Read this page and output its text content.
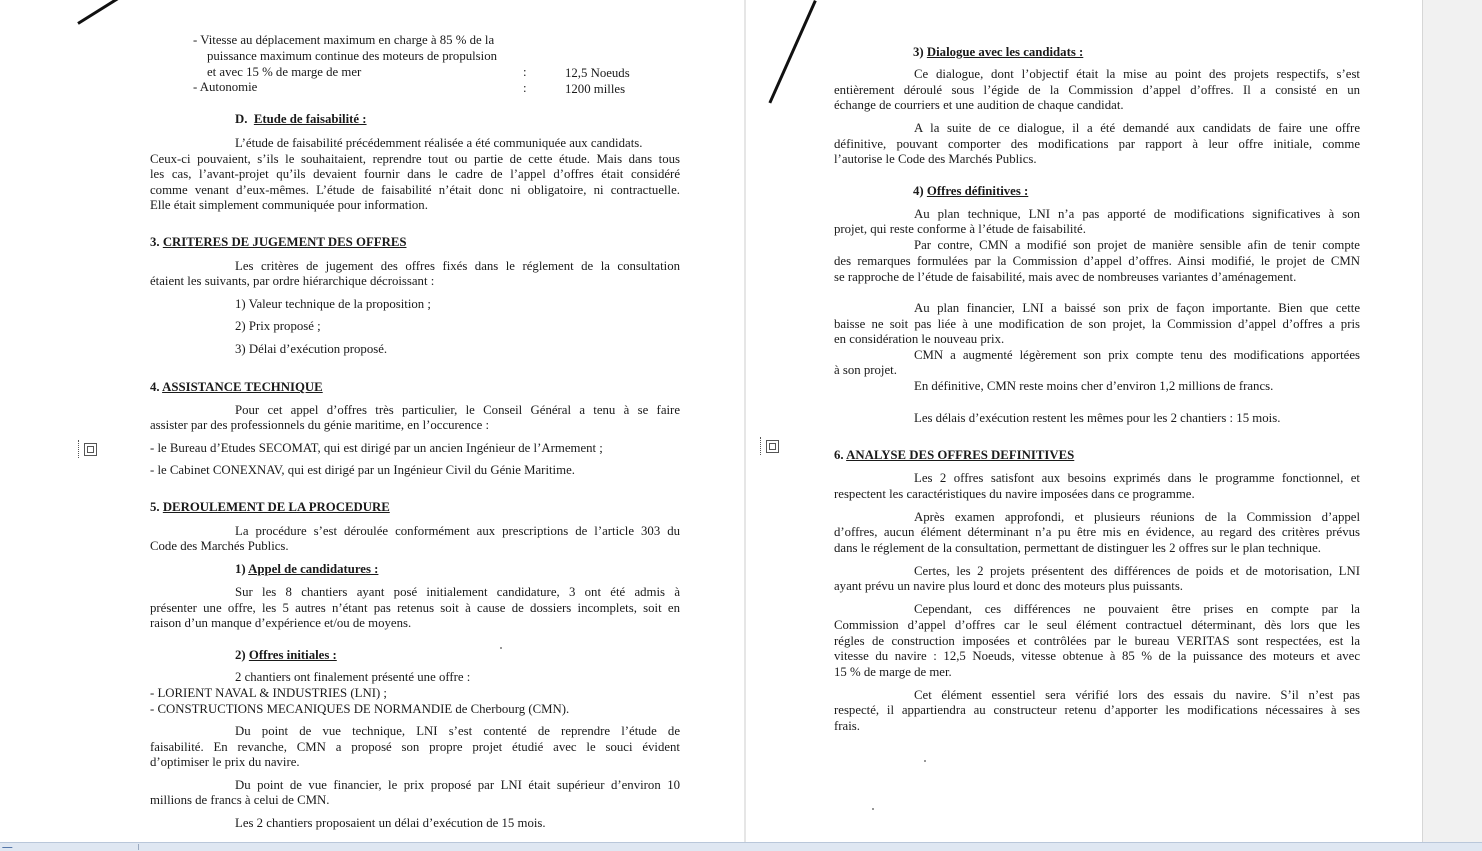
- Vitesse au déplacement maximum en charge à 85 % de la
puissance maximum continue des moteurs de propulsion
et avec 15 % de marge de mer	:	12,5 Noeuds
- Autonomie	:	1200 milles
D. Etude de faisabilité :
L’étude de faisabilité précédemment réalisée a été communiquée aux candidats.
Ceux-ci pouvaient, s’ils le souhaitaient, reprendre tout ou partie de cette étude. Mais dans tous
les cas, l’avant-projet qu’ils devaient fournir dans le cadre de l’appel d’offres était considéré
comme venant d’eux-mêmes. L’étude de faisabilité n’était donc ni obligatoire, ni contractuelle.
Elle était simplement communiquée pour information.
3. CRITERES DE JUGEMENT DES OFFRES
Les critères de jugement des offres fixés dans le réglement de la consultation
étaient les suivants, par ordre hiérarchique décroissant :
1) Valeur technique de la proposition ;
2) Prix proposé ;
3) Délai d’exécution proposé.
4. ASSISTANCE TECHNIQUE
Pour cet appel d’offres très particulier, le Conseil Général a tenu à se faire
assister par des professionnels du génie maritime, en l’occurence :
- le Bureau d’Etudes SECOMAT, qui est dirigé par un ancien Ingénieur de l’Armement ;
- le Cabinet CONEXNAV, qui est dirigé par un Ingénieur Civil du Génie Maritime.
5. DEROULEMENT DE LA PROCEDURE
La procédure s’est déroulée conformément aux prescriptions de l’article 303 du
Code des Marchés Publics.
1) Appel de candidatures :
Sur les 8 chantiers ayant posé initialement candidature, 3 ont été admis à
présenter une offre, les 5 autres n’étant pas retenus soit à cause de dossiers incomplets, soit en
raison d’un manque d’expérience et/ou de moyens.
2) Offres initiales :
2 chantiers ont finalement présenté une offre :
- LORIENT NAVAL & INDUSTRIES (LNI) ;
- CONSTRUCTIONS MECANIQUES DE NORMANDIE de Cherbourg (CMN).
Du point de vue technique, LNI s’est contenté de reprendre l’étude de
faisabilité. En revanche, CMN a proposé son propre projet étudié avec le souci évident
d’optimiser le prix du navire.
Du point de vue financier, le prix proposé par LNI était supérieur d’environ 10
millions de francs à celui de CMN.
Les 2 chantiers proposaient un délai d’exécution de 15 mois.
3) Dialogue avec les candidats :
Ce dialogue, dont l’objectif était la mise au point des projets respectifs, s’est
entièrement déroulé sous l’égide de la Commission d’appel d’offres. Il a consisté en un
échange de courriers et une audition de chaque candidat.
A la suite de ce dialogue, il a été demandé aux candidats de faire une offre
définitive, pouvant comporter des modifications par rapport à leur offre initiale, comme
l’autorise le Code des Marchés Publics.
4) Offres définitives :
Au plan technique, LNI n’a pas apporté de modifications significatives à son
projet, qui reste conforme à l’étude de faisabilité.
Par contre, CMN a modifié son projet de manière sensible afin de tenir compte
des remarques formulées par la Commission d’appel d’offres. Ainsi modifié, le projet de CMN
se rapproche de l’étude de faisabilité, mais avec de nombreuses variantes d’aménagement.
Au plan financier, LNI a baissé son prix de façon importante. Bien que cette
baisse ne soit pas liée à une modification de son projet, la Commission d’appel d’offres a pris
en considération le nouveau prix.
CMN a augmenté légèrement son prix compte tenu des modifications apportées
à son projet.
En définitive, CMN reste moins cher d’environ 1,2 millions de francs.
Les délais d’exécution restent les mêmes pour les 2 chantiers : 15 mois.
6. ANALYSE DES OFFRES DEFINITIVES
Les 2 offres satisfont aux besoins exprimés dans le programme fonctionnel, et
respectent les caractéristiques du navire imposées dans ce programme.
Après examen approfondi, et plusieurs réunions de la Commission d’appel
d’offres, aucun élément déterminant n’a pu être mis en évidence, au regard des critères prévus
dans le réglement de la consultation, permettant de distinguer les 2 offres sur le plan technique.
Certes, les 2 projets présentent des différences de poids et de motorisation, LNI
ayant prévu un navire plus lourd et donc des moteurs plus puissants.
Cependant, ces différences ne pouvaient être prises en compte par la
Commission d’appel d’offres car le seul élément contractuel déterminant, dès lors que les
régles de construction imposées et contrôlées par le bureau VERITAS sont respectées, est la
vitesse du navire : 12,5 Noeuds, vitesse obtenue à 85 % de la puissance des moteurs et avec
15 % de marge de mer.
Cet élément essentiel sera vérifié lors des essais du navire. S’il n’est pas
respecté, il appartiendra au constructeur retenu d’apporter les modifications nécessaires à ses
frais.
